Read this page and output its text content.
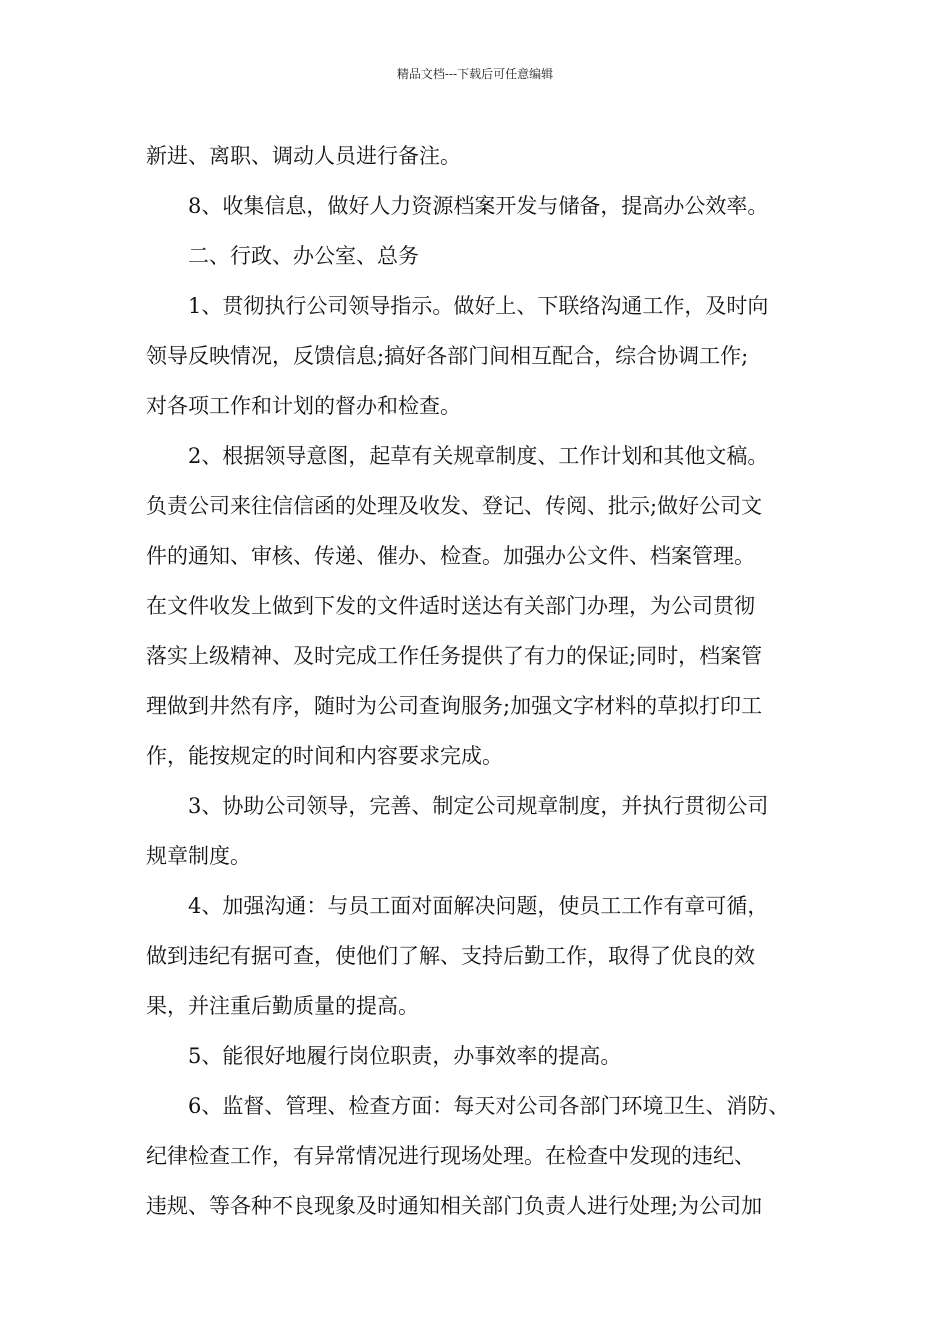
精品文档---下载后可任意编辑
新进、离职、调动人员进行备注。
8、收集信息，做好人力资源档案开发与储备，提高办公效率。
二、行政、办公室、总务
1、贯彻执行公司领导指示。做好上、下联络沟通工作，及时向
领导反映情况，反馈信息;搞好各部门间相互配合，综合协调工作;
对各项工作和计划的督办和检查。
2、根据领导意图，起草有关规章制度、工作计划和其他文稿。
负责公司来往信信函的处理及收发、登记、传阅、批示;做好公司文
件的通知、审核、传递、催办、检查。加强办公文件、档案管理。
在文件收发上做到下发的文件适时送达有关部门办理，为公司贯彻
落实上级精神、及时完成工作任务提供了有力的保证;同时，档案管
理做到井然有序，随时为公司查询服务;加强文字材料的草拟打印工
作，能按规定的时间和内容要求完成。
3、协助公司领导，完善、制定公司规章制度，并执行贯彻公司
规章制度。
4、加强沟通：与员工面对面解决问题，使员工工作有章可循，
做到违纪有据可查，使他们了解、支持后勤工作，取得了优良的效
果，并注重后勤质量的提高。
5、能很好地履行岗位职责，办事效率的提高。
6、监督、管理、检查方面：每天对公司各部门环境卫生、消防、
纪律检查工作，有异常情况进行现场处理。在检查中发现的违纪、
违规、等各种不良现象及时通知相关部门负责人进行处理;为公司加
